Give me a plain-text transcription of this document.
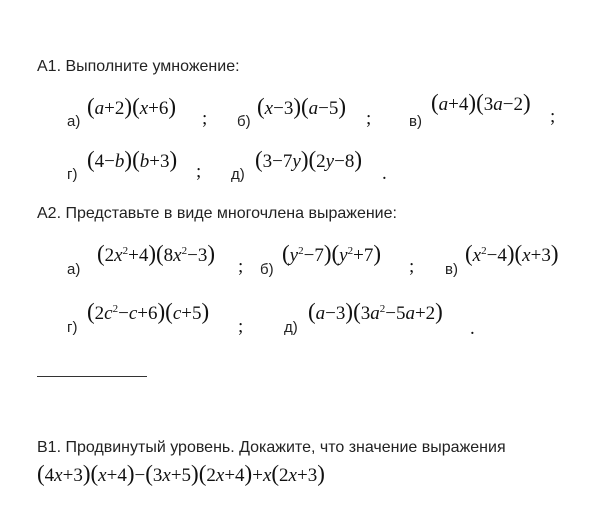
А1. Выполните умножение:
а)
(a+2)(x+6) ; б)
(x−3)(a−5) ;	в)
(a+4)(3a−2)
;
г)
(4−b)(b+3) ; д)
(3−7y)(2y−8)
.
А2. Представьте в виде многочлена выражение:
а)
$(2x^2+4)(8x^2-3)$
; б)
$(y^2-7)(y^2+7)$
; в)
$(x^2-4)(x+3)$
г)
$(2c^2-c+6)(c+5)$
;	д)
$(a-3)(3a^2-5a+2)$
.
В1. Продвинутый уровень. Докажите, что значение выражения
(4x+3)(x+4)−(3x+5)(2x+4)+x(2x+3)
